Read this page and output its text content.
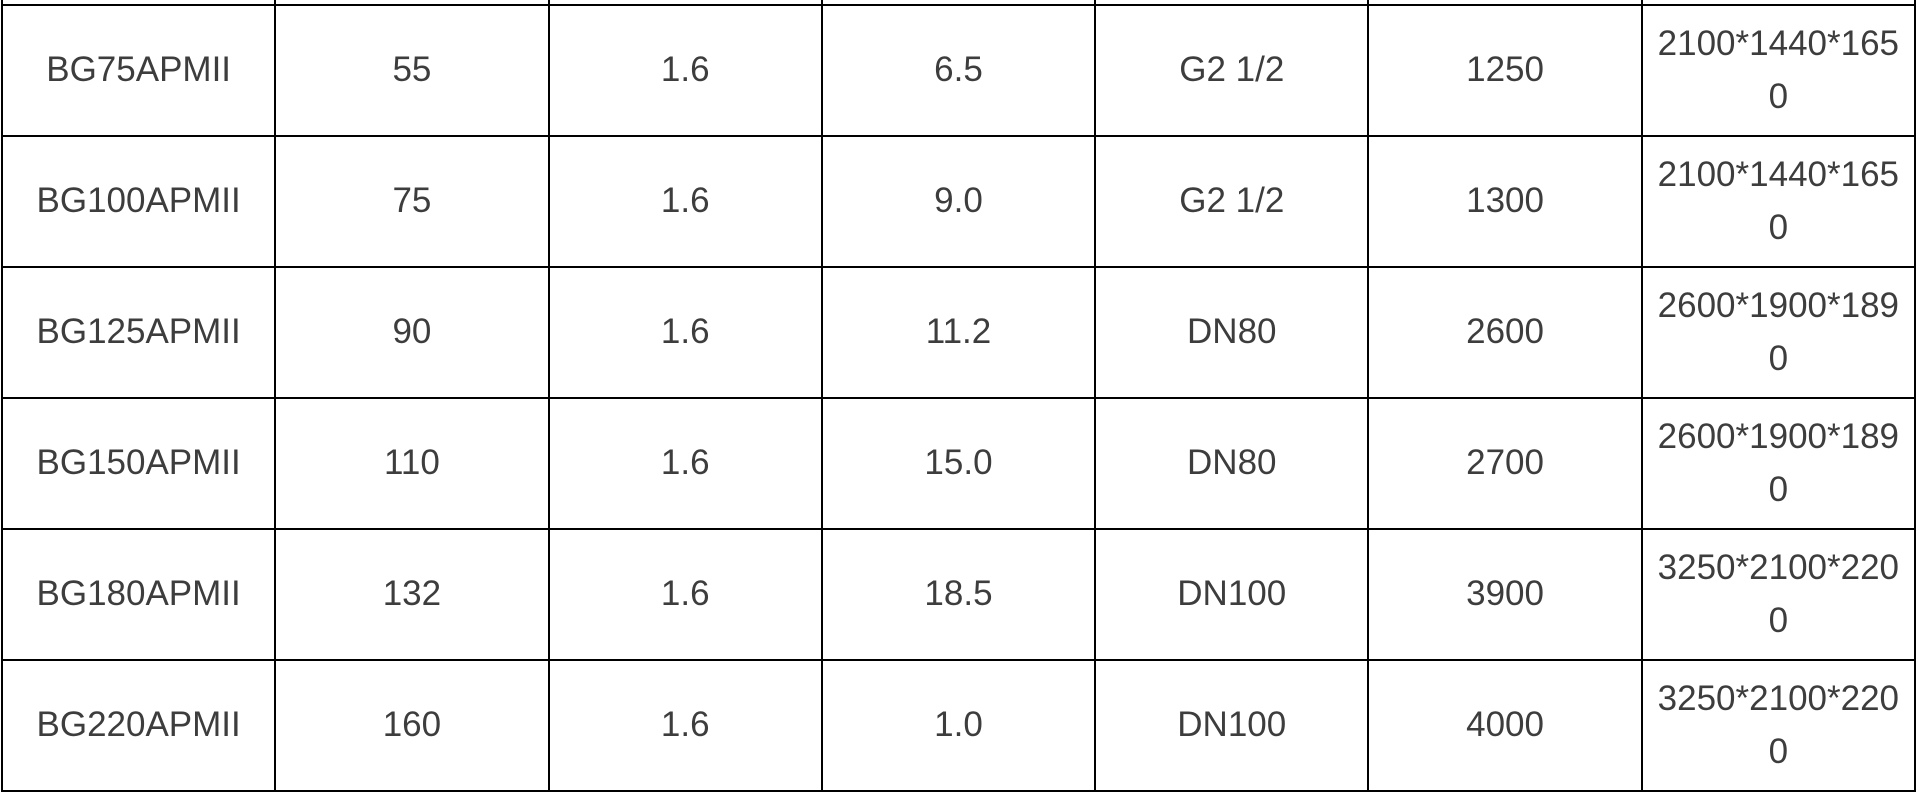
BG75APMII	55	1.6	6.5	G2 1/2	1250	2100*1440*1650
BG100APMII	75	1.6	9.0	G2 1/2	1300	2100*1440*1650
BG125APMII	90	1.6	11.2	DN80	2600	2600*1900*1890
BG150APMII	110	1.6	15.0	DN80	2700	2600*1900*1890
BG180APMII	132	1.6	18.5	DN100	3900	3250*2100*2200
BG220APMII	160	1.6	1.0	DN100	4000	3250*2100*2200
